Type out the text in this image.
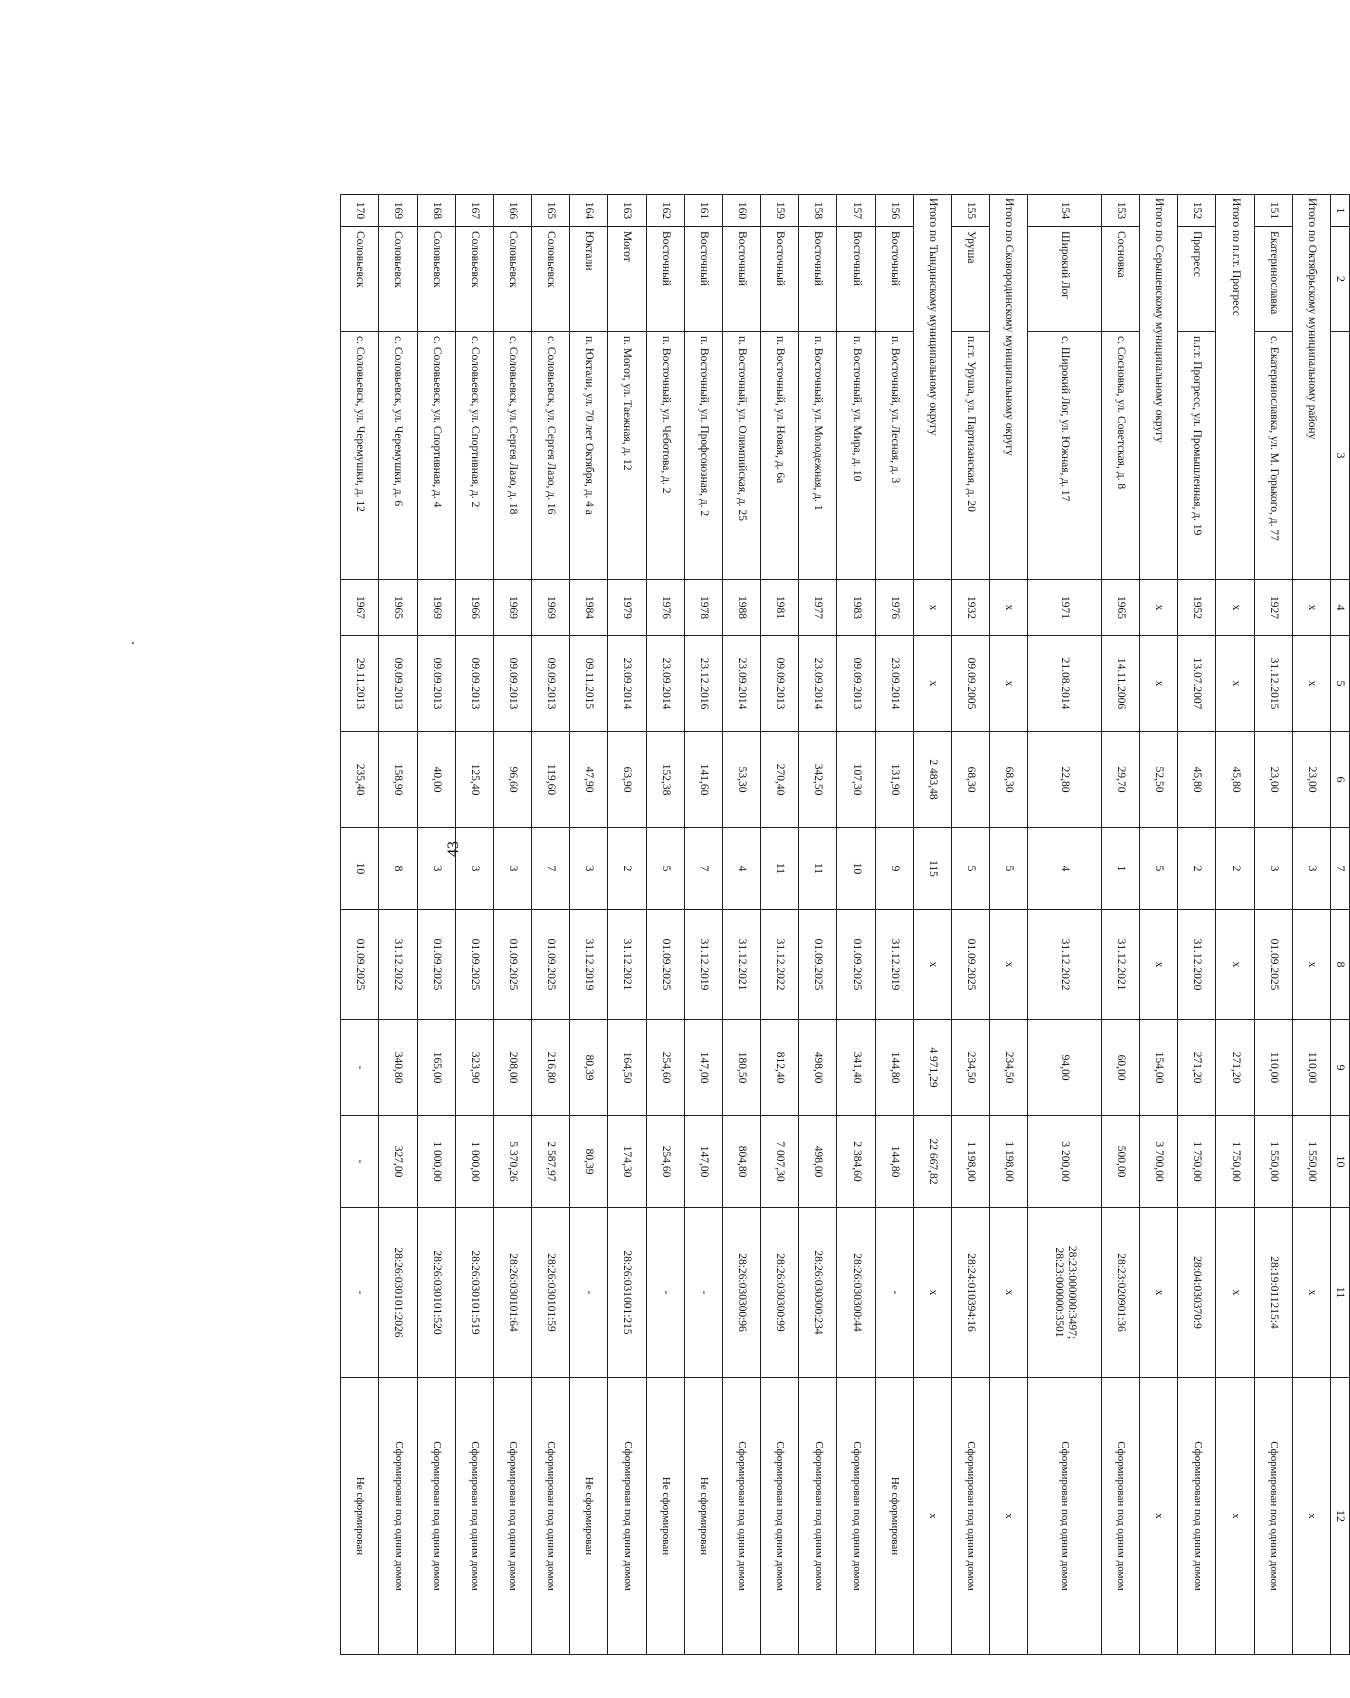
43
1	2	3	4	5	6	7	8	9	10	11	12
Итого по Октябрьскому муниципальному району			x	x	23,00	3	x	110,00	1 550,00	x	x
151	Екатеринославка	с. Екатеринославка, ул. М. Горького, д. 77	1927	31.12.2015	23,00	3	01.09.2025	110,00	1 550,00	28:19:011215:4	Сформирован под одним домом
Итого по п.г.т. Прогресс			x	x	45,80	2	x	271,20	1 750,00	x	x
152	Прогресс	п.г.т. Прогресс, ул. Промышленная, д. 19	1952	13.07.2007	45,80	2	31.12.2020	271,20	1 750,00	28:04:030370:9	Сформирован под одним домом
Итого по Серышевскому муниципальному округу			x	x	52,50	5	x	154,00	3 700,00	x	x
153	Сосновка	с. Сосновка, ул. Советская, д. 8	1965	14.11.2006	29,70	1	31.12.2021	60,00	500,00	28:23:020901:36	Сформирован под одним домом
154	Широкий Лог	с. Широкий Лог, ул. Южная, д. 17	1971	21.08.2014	22,80	4	31.12.2022	94,00	3 200,00	28:23:000000:3497; 28:23:000000:3501	Сформирован под одним домом
Итого по Сковородинскому муниципальному округу			x	x	68,30	5	x	234,50	1 198,00	x	x
155	Уруша	п.г.т. Уруша, ул. Партизанская, д. 20	1932	09.09.2005	68,30	5	01.09.2025	234,50	1 198,00	28:24:010394:16	Сформирован под одним домом
Итого по Тындинскому муниципальному округу			x	x	2 483,48	115	x	4 971,29	22 667,82	x	x
156	Восточный	п. Восточный, ул. Лесная, д. 3	1976	23.09.2014	131,90	9	31.12.2019	144,80	144,80	-	Не сформирован
157	Восточный	п. Восточный, ул. Мира, д. 10	1983	09.09.2013	107,30	10	01.09.2025	341,40	2 384,60	28:26:030300:44	Сформирован под одним домом
158	Восточный	п. Восточный, ул. Молодежная, д. 1	1977	23.09.2014	342,50	11	01.09.2025	498,00	498,00	28:26:030300:234	Сформирован под одним домом
159	Восточный	п. Восточный, ул. Новая, д. 6а	1981	09.09.2013	270,40	11	31.12.2022	812,40	7 007,30	28:26:030300:99	Сформирован под одним домом
160	Восточный	п. Восточный, ул. Олимпийская, д. 25	1988	23.09.2014	53,30	4	31.12.2021	180,50	804,80	28:26:030300:96	Сформирован под одним домом
161	Восточный	п. Восточный, ул. Профсоюзная, д. 2	1978	23.12.2016	141,60	7	31.12.2019	147,00	147,00	-	Не сформирован
162	Восточный	п. Восточный, ул. Чеботова, д. 2	1976	23.09.2014	152,38	5	01.09.2025	254,60	254,60	-	Не сформирован
163	Могот	п. Могот, ул. Таежная, д. 12	1979	23.09.2014	63,90	2	31.12.2021	164,50	174,30	28:26:031001:215	Сформирован под одним домом
164	Юктали	п. Юктали, ул. 70 лет Октября, д. 4 а	1984	09.11.2015	47,90	3	31.12.2019	80,39	80,39	-	Не сформирован
165	Соловьевск	с. Соловьевск, ул. Сергея Лазо, д. 16	1969	09.09.2013	119,60	7	01.09.2025	216,80	2 587,97	28:26:030101:59	Сформирован под одним домом
166	Соловьевск	с. Соловьевск, ул. Сергея Лазо, д. 18	1969	09.09.2013	96,60	3	01.09.2025	208,00	5 370,26	28:26:030101:64	Сформирован под одним домом
167	Соловьевск	с. Соловьевск, ул. Спортивная, д. 2	1966	09.09.2013	125,40	3	01.09.2025	323,90	1 000,00	28:26:030101:519	Сформирован под одним домом
168	Соловьевск	с. Соловьевск, ул. Спортивная, д. 4	1969	09.09.2013	40,00	3	01.09.2025	165,00	1 000,00	28:26:030101:520	Сформирован под одним домом
169	Соловьевск	с. Соловьевск, ул. Черемушки, д. 6	1965	09.09.2013	158,90	8	31.12.2022	340,80	327,00	28:26:030101:2026	Сформирован под одним домом
170	Соловьевск	с. Соловьевск, ул. Черемушки, д. 12	1967	29.11.2013	235,40	10	01.09.2025	-	-	-	Не сформирован
